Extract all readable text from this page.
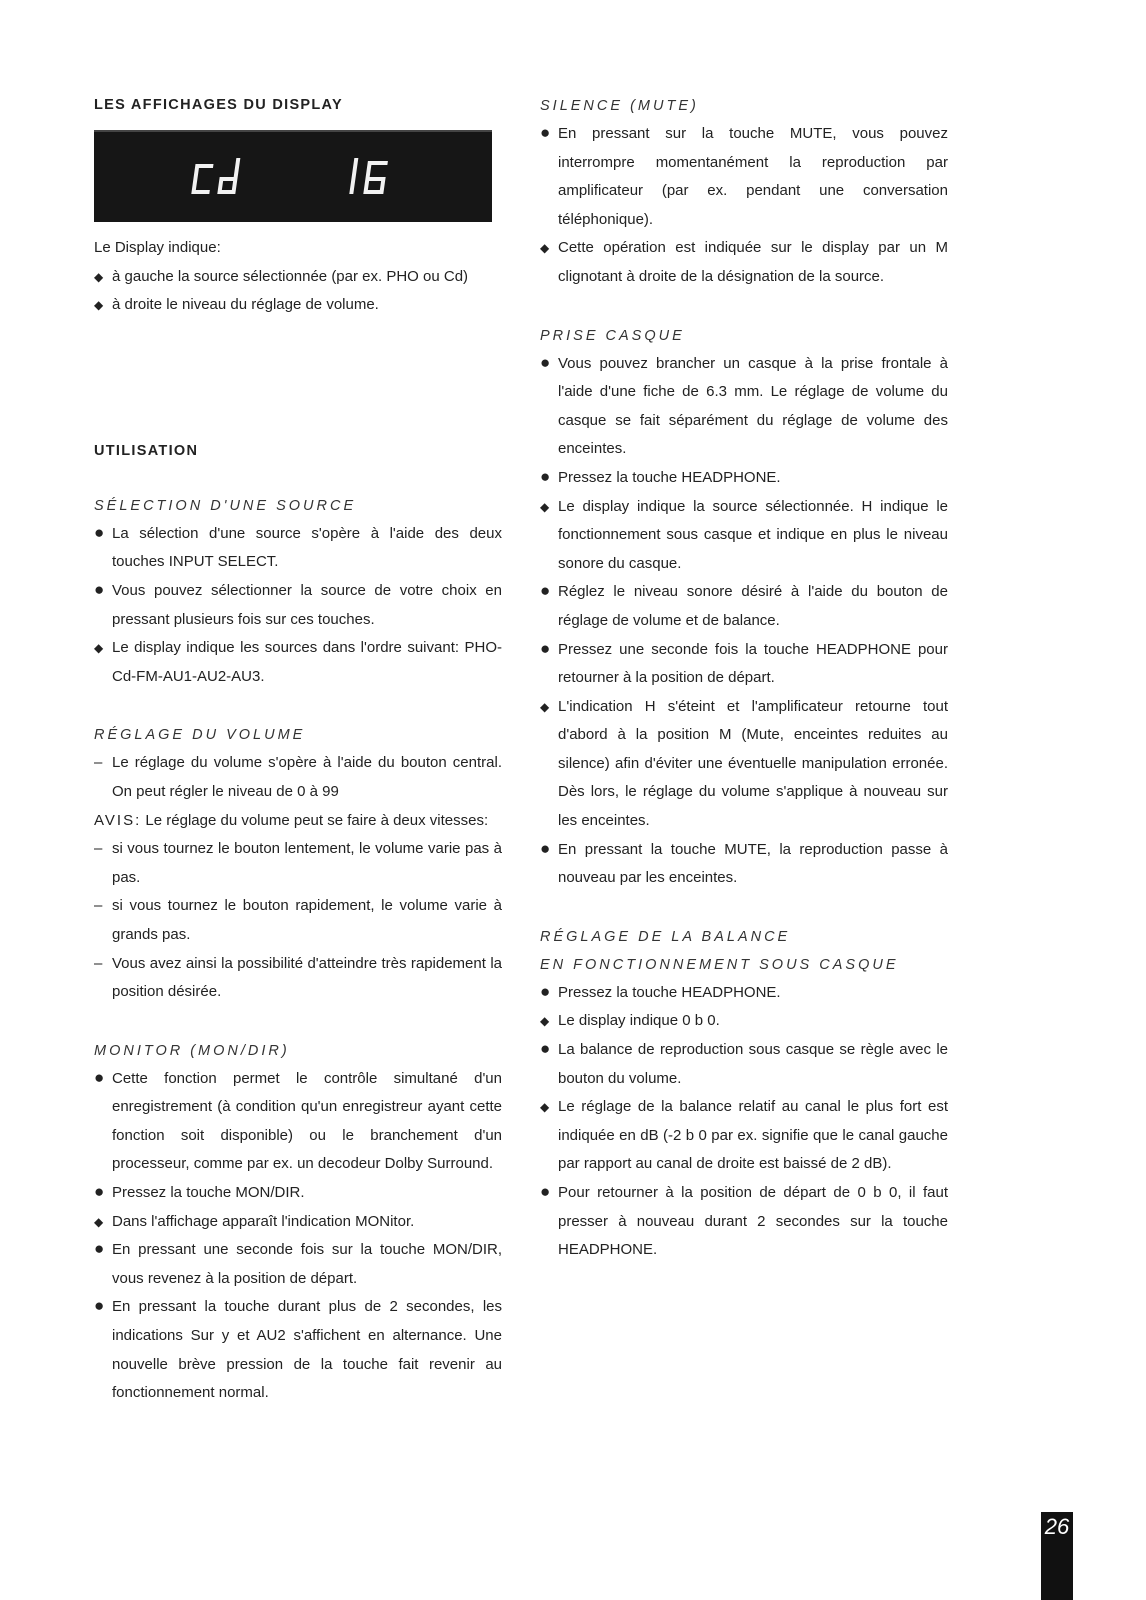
LES AFFICHAGES DU DISPLAY

Le Display indique:

◆ à gauche la source sélectionnée (par ex. PHO ou Cd)
◆ à droite le niveau du réglage de volume.
UTILISATION
SÉLECTION D'UNE SOURCE
● La sélection d'une source s'opère à l'aide des deux touches INPUT SELECT.
● Vous pouvez sélectionner la source de votre choix en pressant plusieurs fois sur ces touches.
◆ Le display indique les sources dans l'ordre suivant: PHO-Cd-FM-AU1-AU2-AU3.
RÉGLAGE DU VOLUME
– Le réglage du volume s'opère à l'aide du bouton central. On peut régler le niveau de 0 à 99

AVIS: Le réglage du volume peut se faire à deux vitesses:

– si vous tournez le bouton lentement, le volume varie pas à pas.
– si vous tournez le bouton rapidement, le volume varie à grands pas.
– Vous avez ainsi la possibilité d'atteindre très rapidement la position désirée.
MONITOR (MON/DIR)
● Cette fonction permet le contrôle simultané d'un enregistrement (à condition qu'un enregistreur ayant cette fonction soit disponible) ou le branchement d'un processeur, comme par ex. un decodeur Dolby Surround.
● Pressez la touche MON/DIR.
◆ Dans l'affichage apparaît l'indication MONitor.
● En pressant une seconde fois sur la touche MON/DIR, vous revenez à la position de départ.
● En pressant la touche durant plus de 2 secondes, les indications Sur y et AU2 s'affichent en alternance. Une nouvelle brève pression de la touche fait revenir au fonctionnement normal.
SILENCE (MUTE)
● En pressant sur la touche MUTE, vous pouvez interrompre momentanément la reproduction par amplificateur (par ex. pendant une conversation téléphonique).
◆ Cette opération est indiquée sur le display par un M clignotant à droite de la désignation de la source.
PRISE CASQUE
● Vous pouvez brancher un casque à la prise frontale à l'aide d'une fiche de 6.3 mm. Le réglage de volume du casque se fait séparément du réglage de volume des enceintes.
● Pressez la touche HEADPHONE.
◆ Le display indique la source sélectionnée. H indique le fonctionnement sous casque et indique en plus le niveau sonore du casque.
● Réglez le niveau sonore désiré à l'aide du bouton de réglage de volume et de balance.
● Pressez une seconde fois la touche HEADPHONE pour retourner à la position de départ.
◆ L'indication H s'éteint et l'amplificateur retourne tout d'abord à la position M (Mute, enceintes reduites au silence) afin d'éviter une éventuelle manipulation erronée. Dès lors, le réglage du volume s'applique à nouveau sur les enceintes.
● En pressant la touche MUTE, la reproduction passe à nouveau par les enceintes.
RÉGLAGE DE LA BALANCE
EN FONCTIONNEMENT SOUS CASQUE
● Pressez la touche HEADPHONE.
◆ Le display indique 0 b 0.
● La balance de reproduction sous casque se règle avec le bouton du volume.
◆ Le réglage de la balance relatif au canal le plus fort est indiquée en dB (-2 b 0 par ex. signifie que le canal gauche par rapport au canal de droite est baissé de 2 dB).
● Pour retourner à la position de départ de 0 b 0, il faut presser à nouveau durant 2 secondes sur la touche HEADPHONE.
26
